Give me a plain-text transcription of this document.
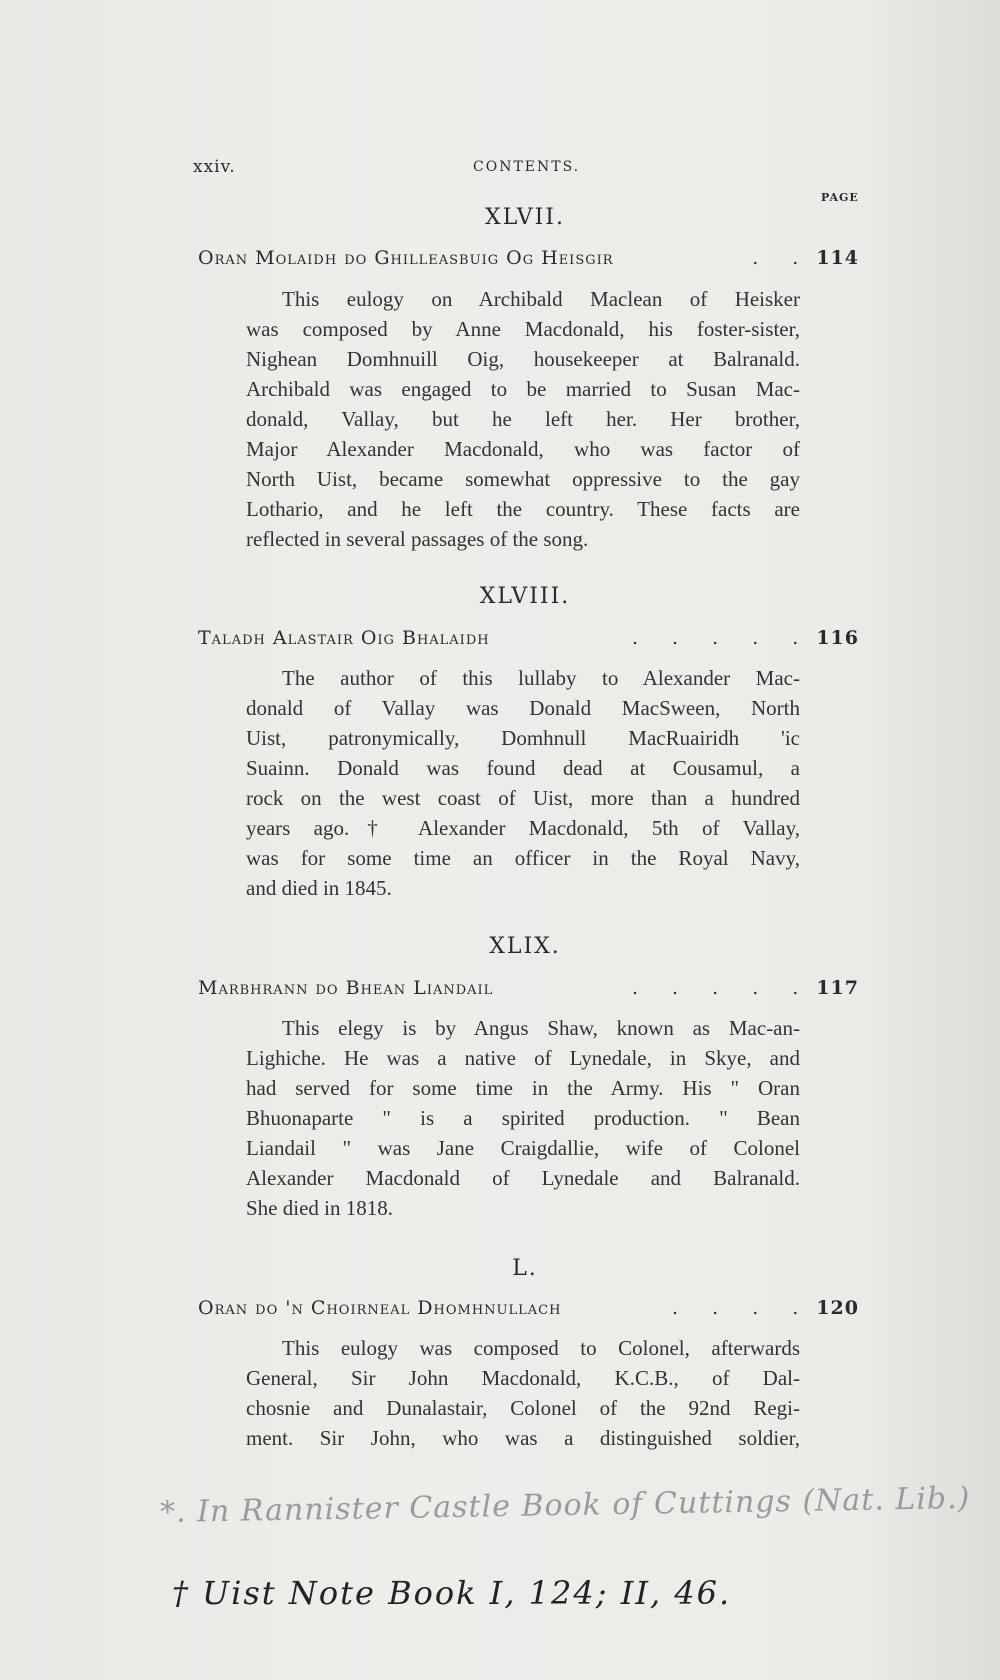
xxiv.	CONTENTS.
PAGE
XLVII.
Oran Molaidh do Ghilleasbuig Og Heisgir	. . 114
This eulogy on Archibald Maclean of Heisker
was composed by Anne Macdonald, his foster-sister,
Nighean Domhnuill Oig, housekeeper at Balranald.
Archibald was engaged to be married to Susan Mac-
donald, Vallay, but he left her. Her brother,
Major Alexander Macdonald, who was factor of
North Uist, became somewhat oppressive to the gay
Lothario, and he left the country. These facts are
reflected in several passages of the song.
XLVIII.
Taladh Alastair Oig Bhalaidh	. . . . . 116
The author of this lullaby to Alexander Mac-
donald of Vallay was Donald MacSween, North
Uist, patronymically, Domhnull MacRuairidh 'ic
Suainn. Donald was found dead at Cousamul, a
rock on the west coast of Uist, more than a hundred
years ago.† Alexander Macdonald, 5th of Vallay,
was for some time an officer in the Royal Navy,
and died in 1845.
XLIX.
Marbhrann do Bhean Liandail	. . . . . 117
This elegy is by Angus Shaw, known as Mac-an-
Lighiche. He was a native of Lynedale, in Skye, and
had served for some time in the Army. His " Oran
Bhuonaparte " is a spirited production. " Bean
Liandail " was Jane Craigdallie, wife of Colonel
Alexander Macdonald of Lynedale and Balranald.
She died in 1818.
L.
Oran do 'n Choirneal Dhomhnullach	. . . . 120
This eulogy was composed to Colonel, afterwards
General, Sir John Macdonald, K.C.B., of Dal-
chosnie and Dunalastair, Colonel of the 92nd Regi-
ment. Sir John, who was a distinguished soldier,
*. In Rannister Castle Book of Cuttings (Nat. Lib.)
† Uist Note Book I, 124; II, 46.
